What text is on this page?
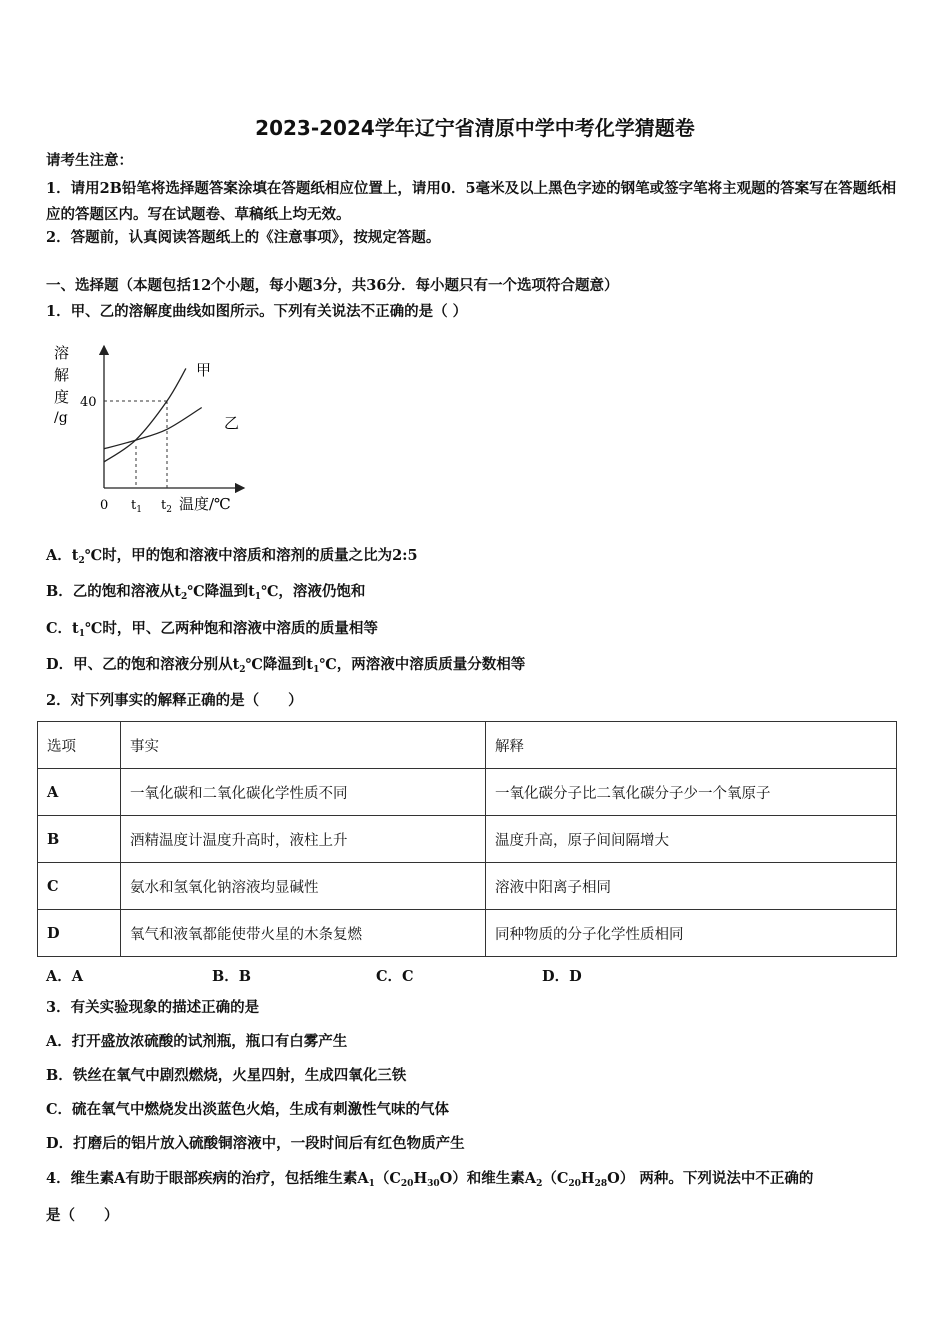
2023-2024学年辽宁省清原中学中考化学猜题卷
请考生注意：
1．请用2B铅笔将选择题答案涂填在答题纸相应位置上，请用0．5毫米及以上黑色字迹的钢笔或签字笔将主观题的答案写在答题纸相应的答题区内。写在试题卷、草稿纸上均无效。
2．答题前，认真阅读答题纸上的《注意事项》，按规定答题。
一、选择题（本题包括12个小题，每小题3分，共36分．每小题只有一个选项符合题意）
1．甲、乙的溶解度曲线如图所示。下列有关说法不正确的是（ ）
溶
解
度
/g
40
0 $t_1$ $t_2$ 温度/℃
甲
乙
A．$t_2℃$时，甲的饱和溶液中溶质和溶剂的质量之比为2:5
B．乙的饱和溶液从$t_2℃$降温到$t_1℃$，溶液仍饱和
C．$t_1℃$时，甲、乙两种饱和溶液中溶质的质量相等
D．甲、乙的饱和溶液分别从$t_2℃$降温到$t_1℃$，两溶液中溶质质量分数相等
2．对下列事实的解释正确的是（　　）
选项	事实	解释
A	一氧化碳和二氧化碳化学性质不同	一氧化碳分子比二氧化碳分子少一个氧原子
B	酒精温度计温度升高时，液柱上升	温度升高，原子间间隔增大
C	氨水和氢氧化钠溶液均显碱性	溶液中阳离子相同
D	氧气和液氧都能使带火星的木条复燃	同种物质的分子化学性质相同
A．A	B．B	C．C	D．D
3．有关实验现象的描述正确的是
A．打开盛放浓硫酸的试剂瓶，瓶口有白雾产生
B．铁丝在氧气中剧烈燃烧，火星四射，生成四氧化三铁
C．硫在氧气中燃烧发出淡蓝色火焰，生成有刺激性气味的气体
D．打磨后的铝片放入硫酸铜溶液中，一段时间后有红色物质产生
4．维生素A有助于眼部疾病的治疗，包括维生素$A_1(C_{20}H_{30}O)$和维生素$A_2(C_{20}H_{28}O)$ 两种。下列说法中不正确的
是（　　）
